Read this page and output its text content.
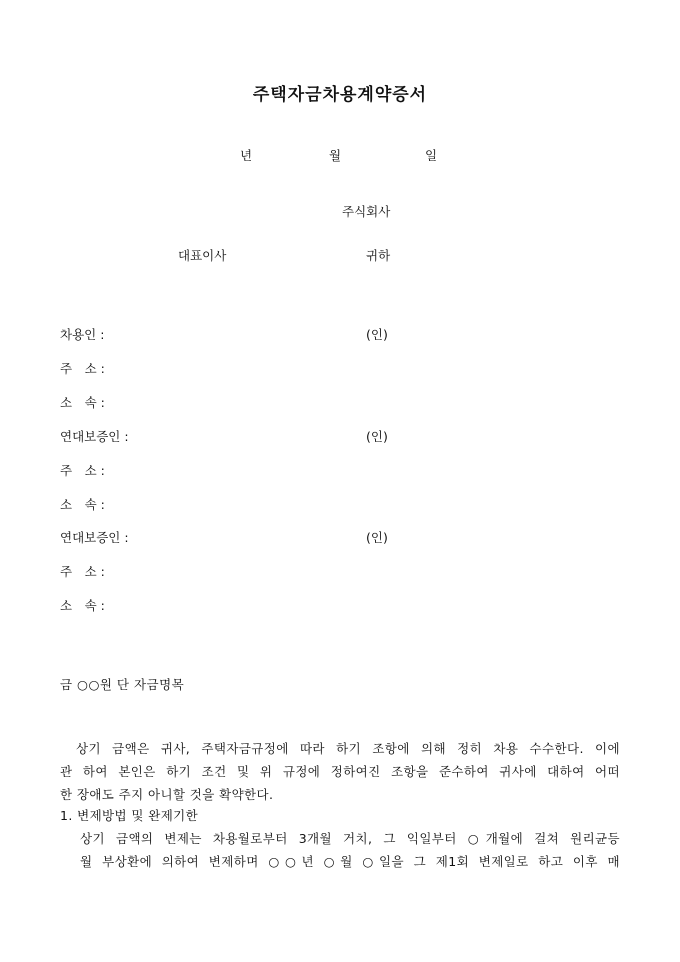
주택자금차용계약증서
년	월	일
주식회사
대표이사	귀하
차용인 :	(인)
주　소 :
소　속 :
연대보증인 :	(인)
주　소 :
소　속 :
연대보증인 :	(인)
주　소 :
소　속 :
금 ○○원 단 자금명목
상기 금액은 귀사, 주택자금규정에 따라 하기 조항에 의해 정히 차용 수수한다. 이에
관 하여 본인은 하기 조건 및 위 규정에 정하여진 조항을 준수하여 귀사에 대하여 어떠
한 장애도 주지 아니할 것을 확약한다.
1. 변제방법 및 완제기한
상기 금액의 변제는 차용월로부터 3개월 거치, 그 익일부터 ○개월에 걸쳐 원리균등
월 부상환에 의하여 변제하며 ○○년 ○월 ○일을 그 제1회 변제일로 하고 이후 매
